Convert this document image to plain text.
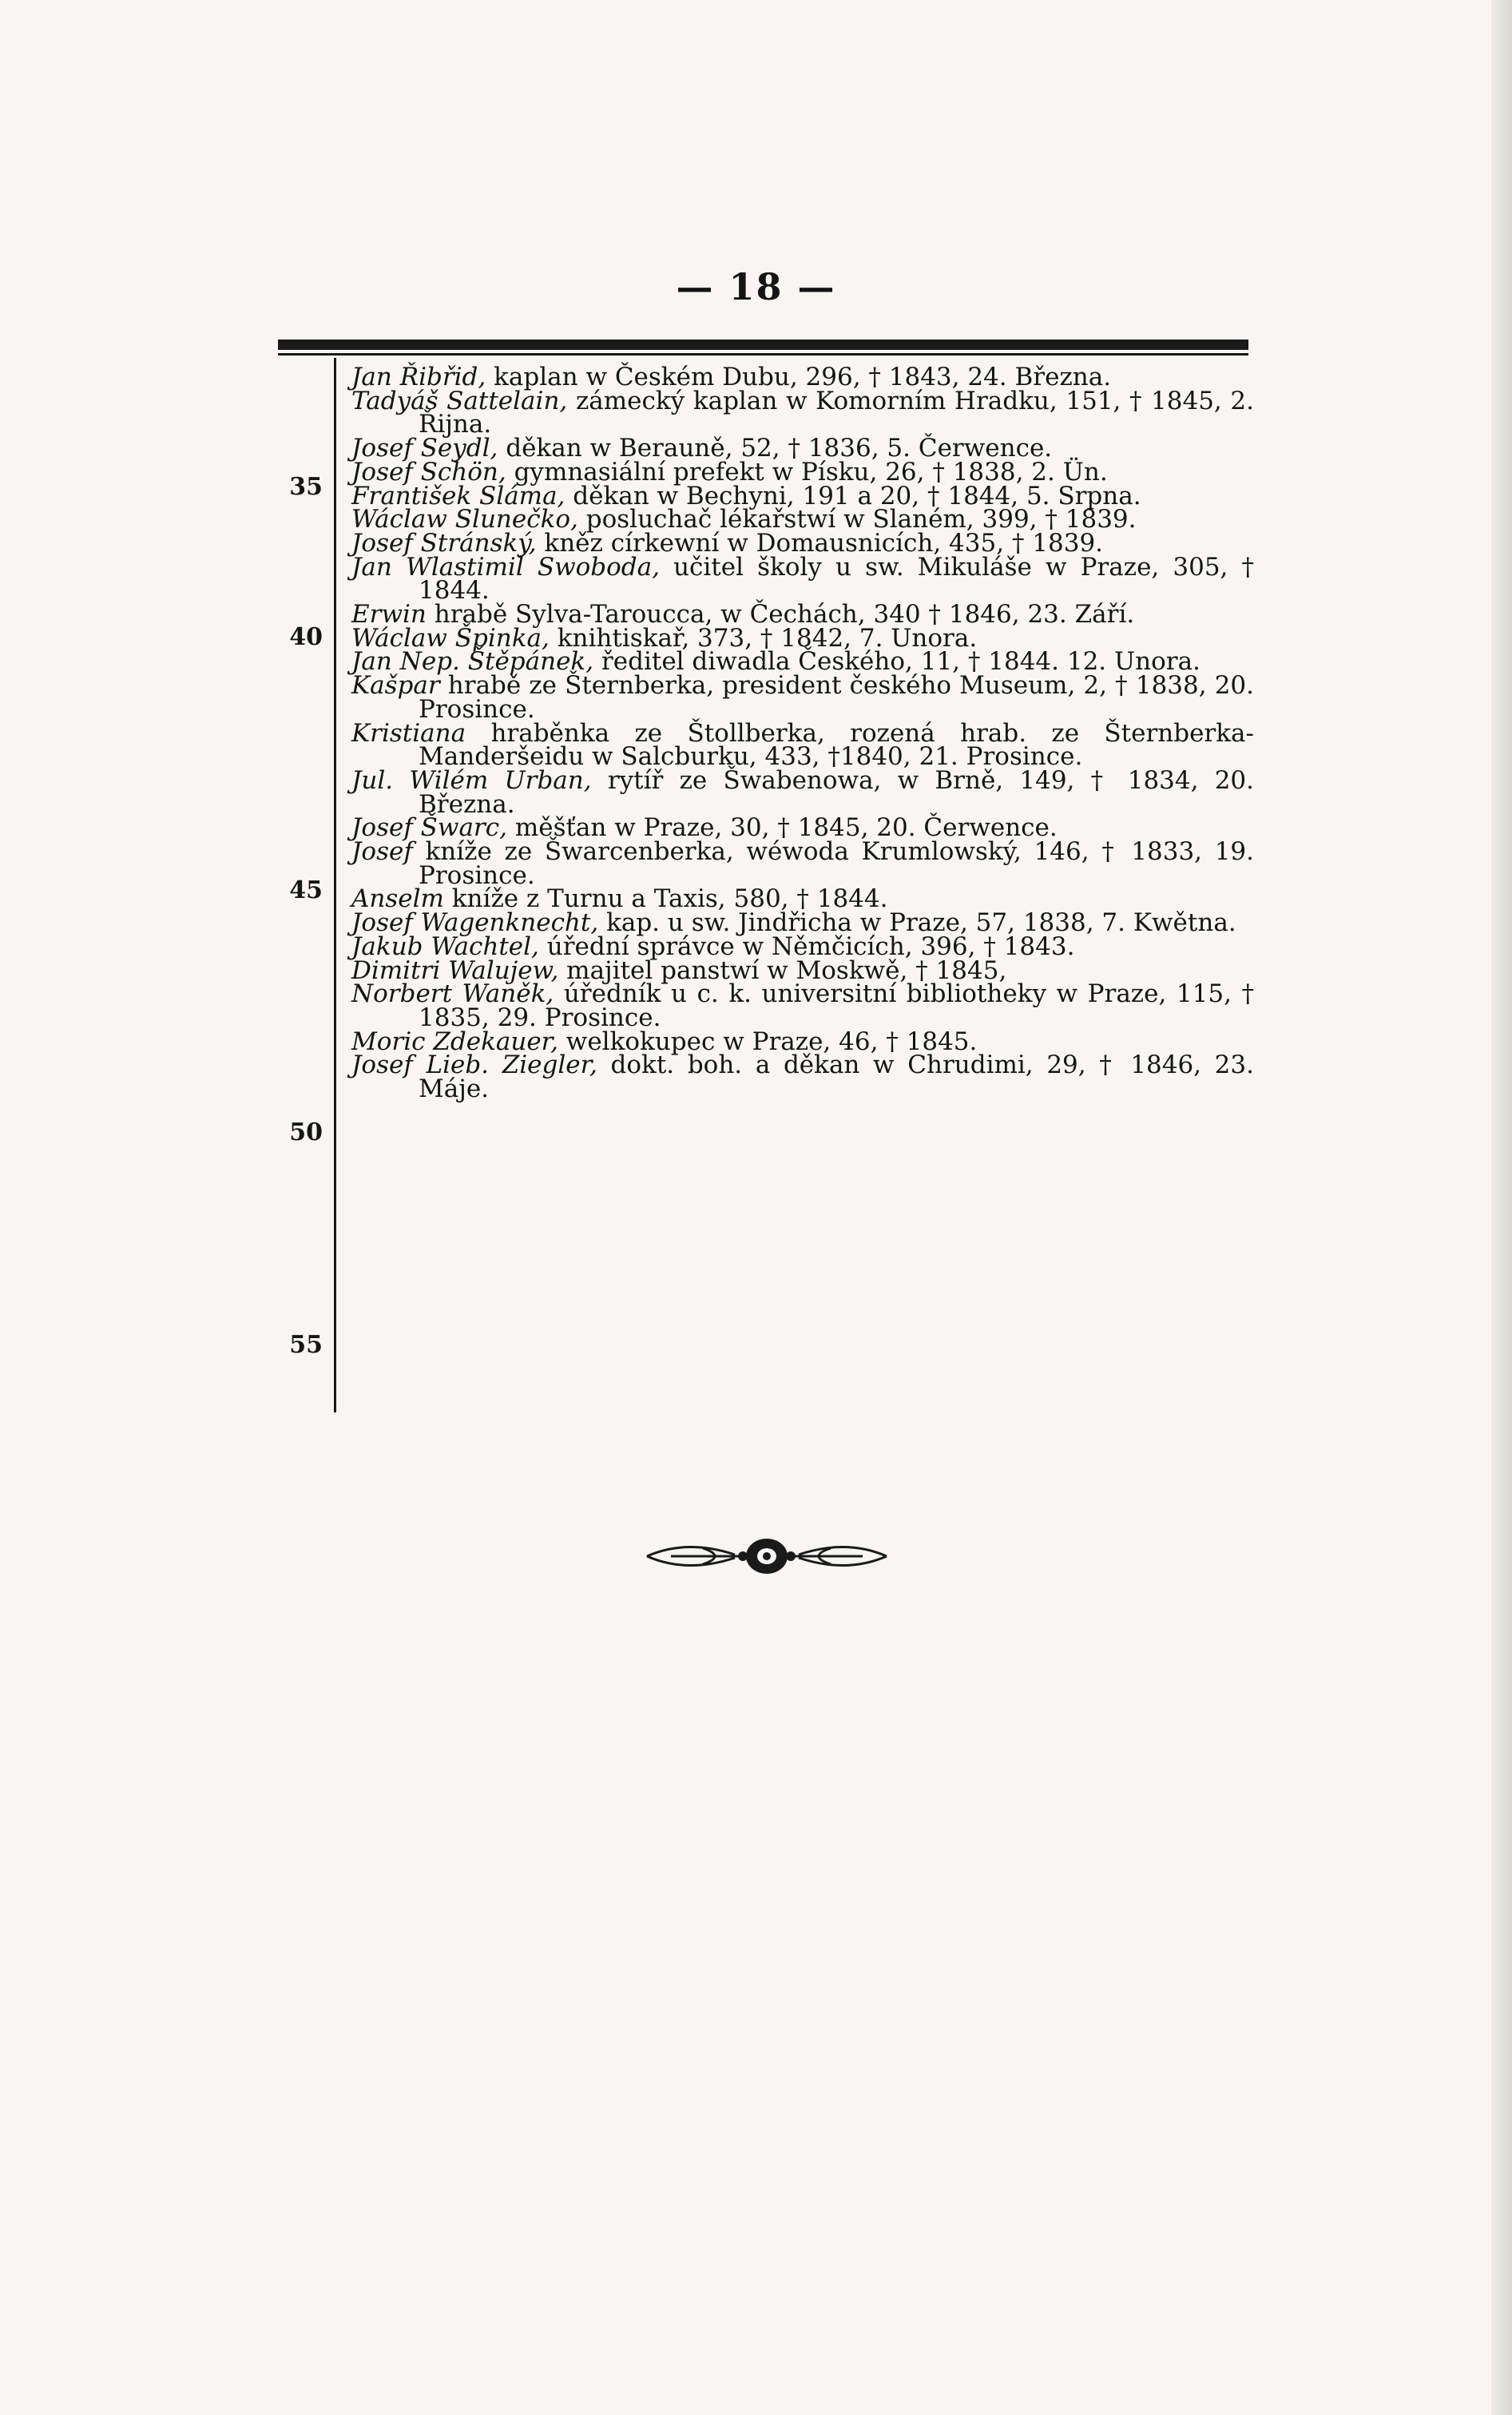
— 18 —
35
40
45
50
55
Jan Řibřid, kaplan w Českém Dubu, 296, † 1843, 24. Března.
Tadyáš Sattelain, zámecký kaplan w Komorním Hradku, 151, † 1845, 2. Řijna.
Josef Seydl, děkan w Berauně, 52, † 1836, 5. Čerwence.
Josef Schön, gymnasiální prefekt w Písku, 26, † 1838, 2. Ün.
František Sláma, děkan w Bechyni, 191 a 20, † 1844, 5. Srpna.
Wáclaw Slunečko, posluchač lékařstwí w Slaném, 399, † 1839.
Josef Stránský, kněz církewní w Domausnicích, 435, † 1839.
Jan Wlastimil Swoboda, učitel školy u sw. Mikuláše w Praze, 305, † 1844.
Erwin hrabě Sylva-Taroucca, w Čechách, 340 † 1846, 23. Září.
Wáclaw Špinka, knihtiskař, 373, † 1842, 7. Unora.
Jan Nep. Štěpánek, ředitel diwadla Českého, 11, † 1844. 12. Unora.
Kašpar hrabě ze Šternberka, president českého Museum, 2, † 1838, 20. Prosince.
Kristiana hraběnka ze Štollberka, rozená hrab. ze Šternberka-Manderšeidu w Salcburku, 433, †1840, 21. Prosince.
Jul. Wilém Urban, rytíř ze Šwabenowa, w Brně, 149, † 1834, 20. Března.
Josef Šwarc, měšťan w Praze, 30, † 1845, 20. Čerwence.
Josef kníže ze Šwarcenberka, wéwoda Krumlowský, 146, † 1833, 19. Prosince.
Anselm kníže z Turnu a Taxis, 580, † 1844.
Josef Wagenknecht, kap. u sw. Jindřicha w Praze, 57, 1838, 7. Kwětna.
Jakub Wachtel, úřední správce w Němčicích, 396, † 1843.
Dimitri Walujew, majitel panstwí w Moskwě, † 1845,
Norbert Waněk, úředník u c. k. universitní bibliotheky w Praze, 115, † 1835, 29. Prosince.
Moric Zdekauer, welkokupec w Praze, 46, † 1845.
Josef Lieb. Ziegler, dokt. boh. a děkan w Chrudimi, 29, † 1846, 23. Máje.
